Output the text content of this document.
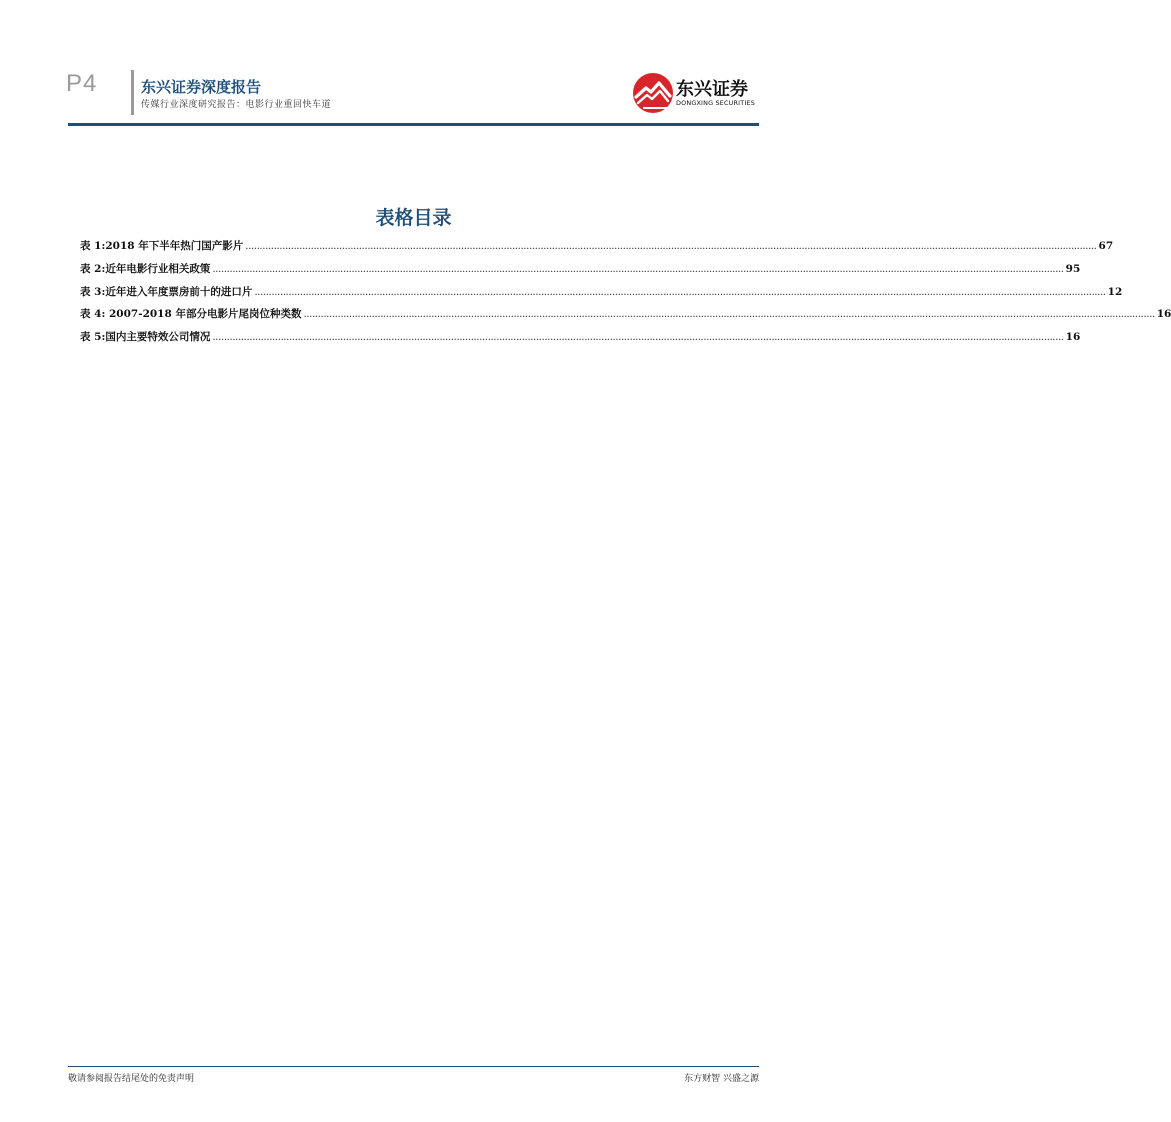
P4	东兴证券深度报告
传媒行业深度研究报告：电影行业重回快车道
东兴证券
DONGXING SECURITIES
表格目录
表 1:2018 年下半年热门国产影片 ............................................................................................................................................................................................................................................................................................................ 67
表 2:近年电影行业相关政策 ............................................................................................................................................................................................................................................................................................................ 95
表 3:近年进入年度票房前十的进口片 ............................................................................................................................................................................................................................................................................................................ 12
表 4: 2007-2018 年部分电影片尾岗位种类数 ............................................................................................................................................................................................................................................................................................................ 16
表 5:国内主要特效公司情况 ............................................................................................................................................................................................................................................................................................................ 16
敬请参阅报告结尾处的免责声明	东方财智 兴盛之源
